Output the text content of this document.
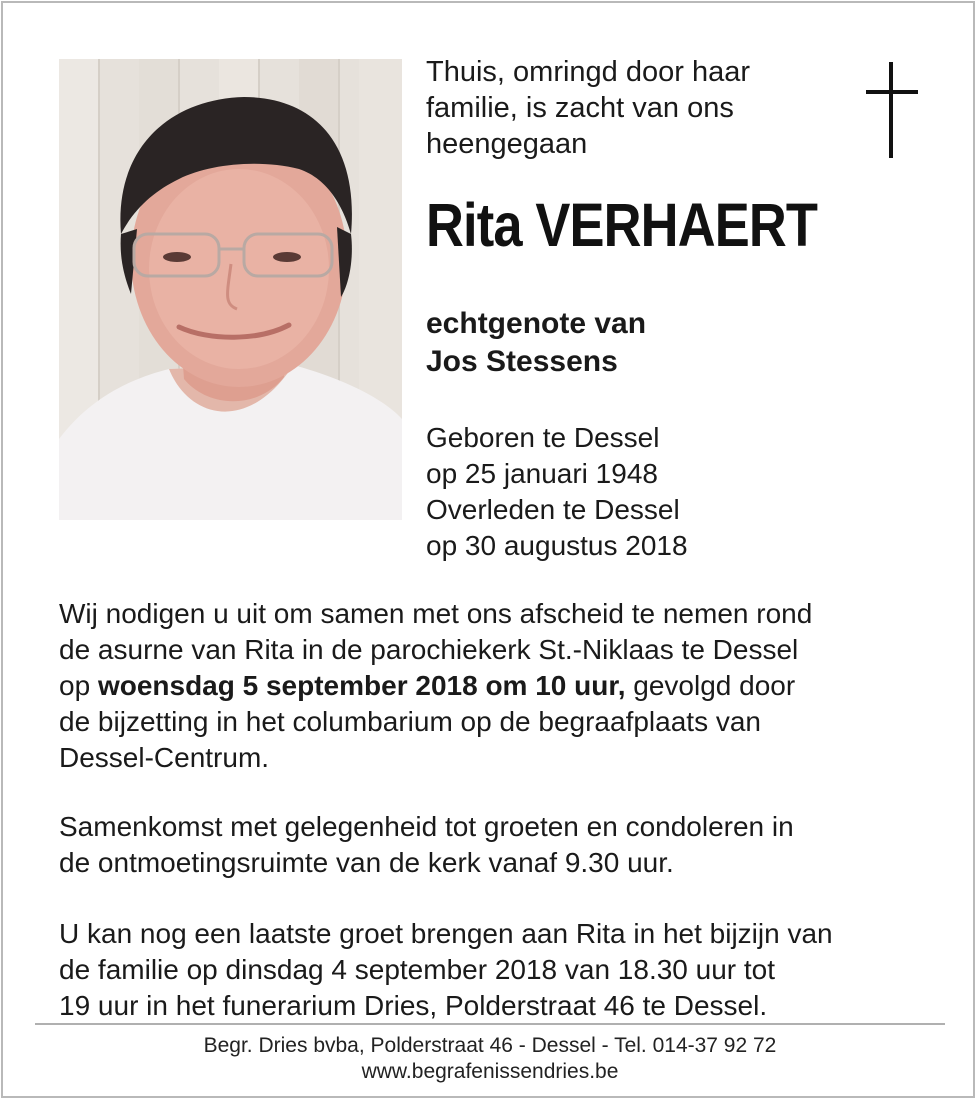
Thuis, omringd door haar
familie, is zacht van ons
heengegaan

Rita VERHAERT

echtgenote van
Jos Stessens

Geboren te Dessel
op 25 januari 1948
Overleden te Dessel
op 30 augustus 2018

Wij nodigen u uit om samen met ons afscheid te nemen rond
de asurne van Rita in de parochiekerk St.-Niklaas te Dessel
op woensdag 5 september 2018 om 10 uur, gevolgd door
de bijzetting in het columbarium op de begraafplaats van
Dessel-Centrum.

Samenkomst met gelegenheid tot groeten en condoleren in
de ontmoetingsruimte van de kerk vanaf 9.30 uur.

U kan nog een laatste groet brengen aan Rita in het bijzijn van
de familie op dinsdag 4 september 2018 van 18.30 uur tot
19 uur in het funerarium Dries, Polderstraat 46 te Dessel.

Begr. Dries bvba, Polderstraat 46 - Dessel - Tel. 014-37 92 72

www.begrafenissendries.be
